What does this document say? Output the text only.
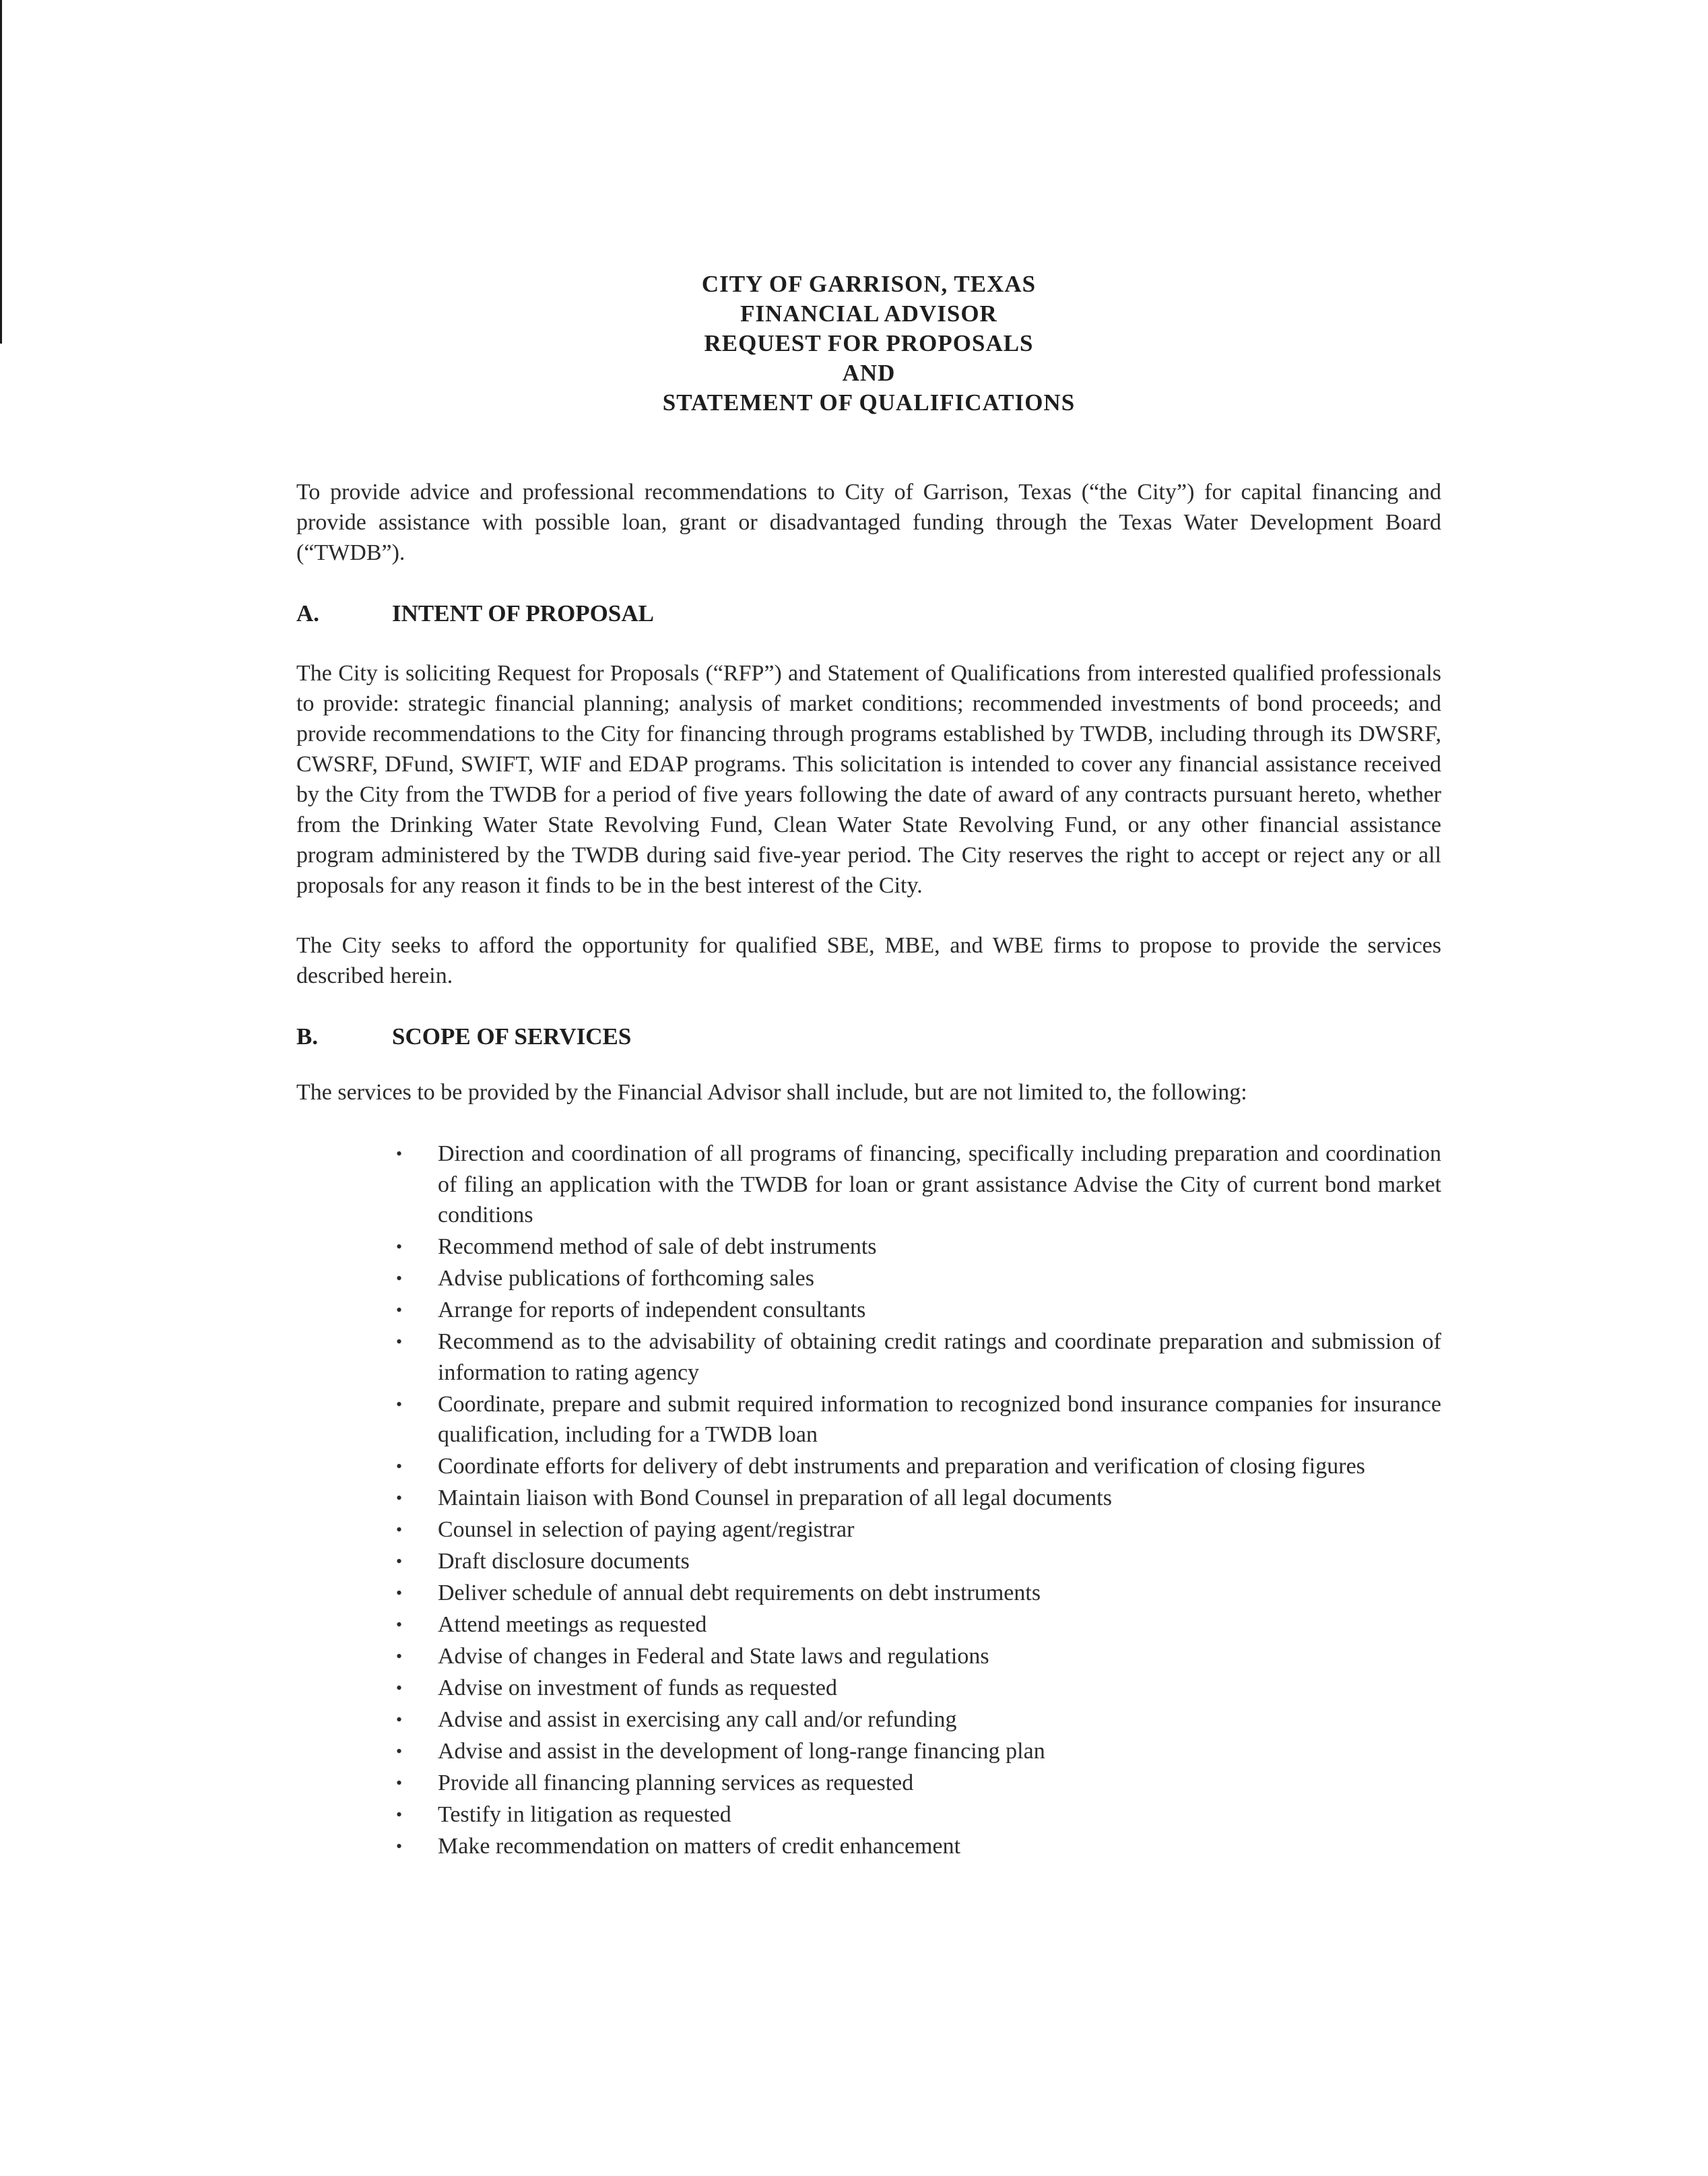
CITY OF GARRISON, TEXAS
FINANCIAL ADVISOR
REQUEST FOR PROPOSALS
AND
STATEMENT OF QUALIFICATIONS
To provide advice and professional recommendations to City of Garrison, Texas (“the City”) for capital financing and provide assistance with possible loan, grant or disadvantaged funding through the Texas Water Development Board (“TWDB”).
A.	INTENT OF PROPOSAL
The City is soliciting Request for Proposals (“RFP”) and Statement of Qualifications from interested qualified professionals to provide: strategic financial planning; analysis of market conditions; recommended investments of bond proceeds; and provide recommendations to the City for financing through programs established by TWDB, including through its DWSRF, CWSRF, DFund, SWIFT, WIF and EDAP programs. This solicitation is intended to cover any financial assistance received by the City from the TWDB for a period of five years following the date of award of any contracts pursuant hereto, whether from the Drinking Water State Revolving Fund, Clean Water State Revolving Fund, or any other financial assistance program administered by the TWDB during said five-year period. The City reserves the right to accept or reject any or all proposals for any reason it finds to be in the best interest of the City.
The City seeks to afford the opportunity for qualified SBE, MBE, and WBE firms to propose to provide the services described herein.
B.	SCOPE OF SERVICES
The services to be provided by the Financial Advisor shall include, but are not limited to, the following:
• Direction and coordination of all programs of financing, specifically including preparation and coordination of filing an application with the TWDB for loan or grant assistance Advise the City of current bond market conditions
• Recommend method of sale of debt instruments
• Advise publications of forthcoming sales
• Arrange for reports of independent consultants
• Recommend as to the advisability of obtaining credit ratings and coordinate preparation and submission of information to rating agency
• Coordinate, prepare and submit required information to recognized bond insurance companies for insurance qualification, including for a TWDB loan
• Coordinate efforts for delivery of debt instruments and preparation and verification of closing figures
• Maintain liaison with Bond Counsel in preparation of all legal documents
• Counsel in selection of paying agent/registrar
• Draft disclosure documents
• Deliver schedule of annual debt requirements on debt instruments
• Attend meetings as requested
• Advise of changes in Federal and State laws and regulations
• Advise on investment of funds as requested
• Advise and assist in exercising any call and/or refunding
• Advise and assist in the development of long-range financing plan
• Provide all financing planning services as requested
• Testify in litigation as requested
• Make recommendation on matters of credit enhancement
